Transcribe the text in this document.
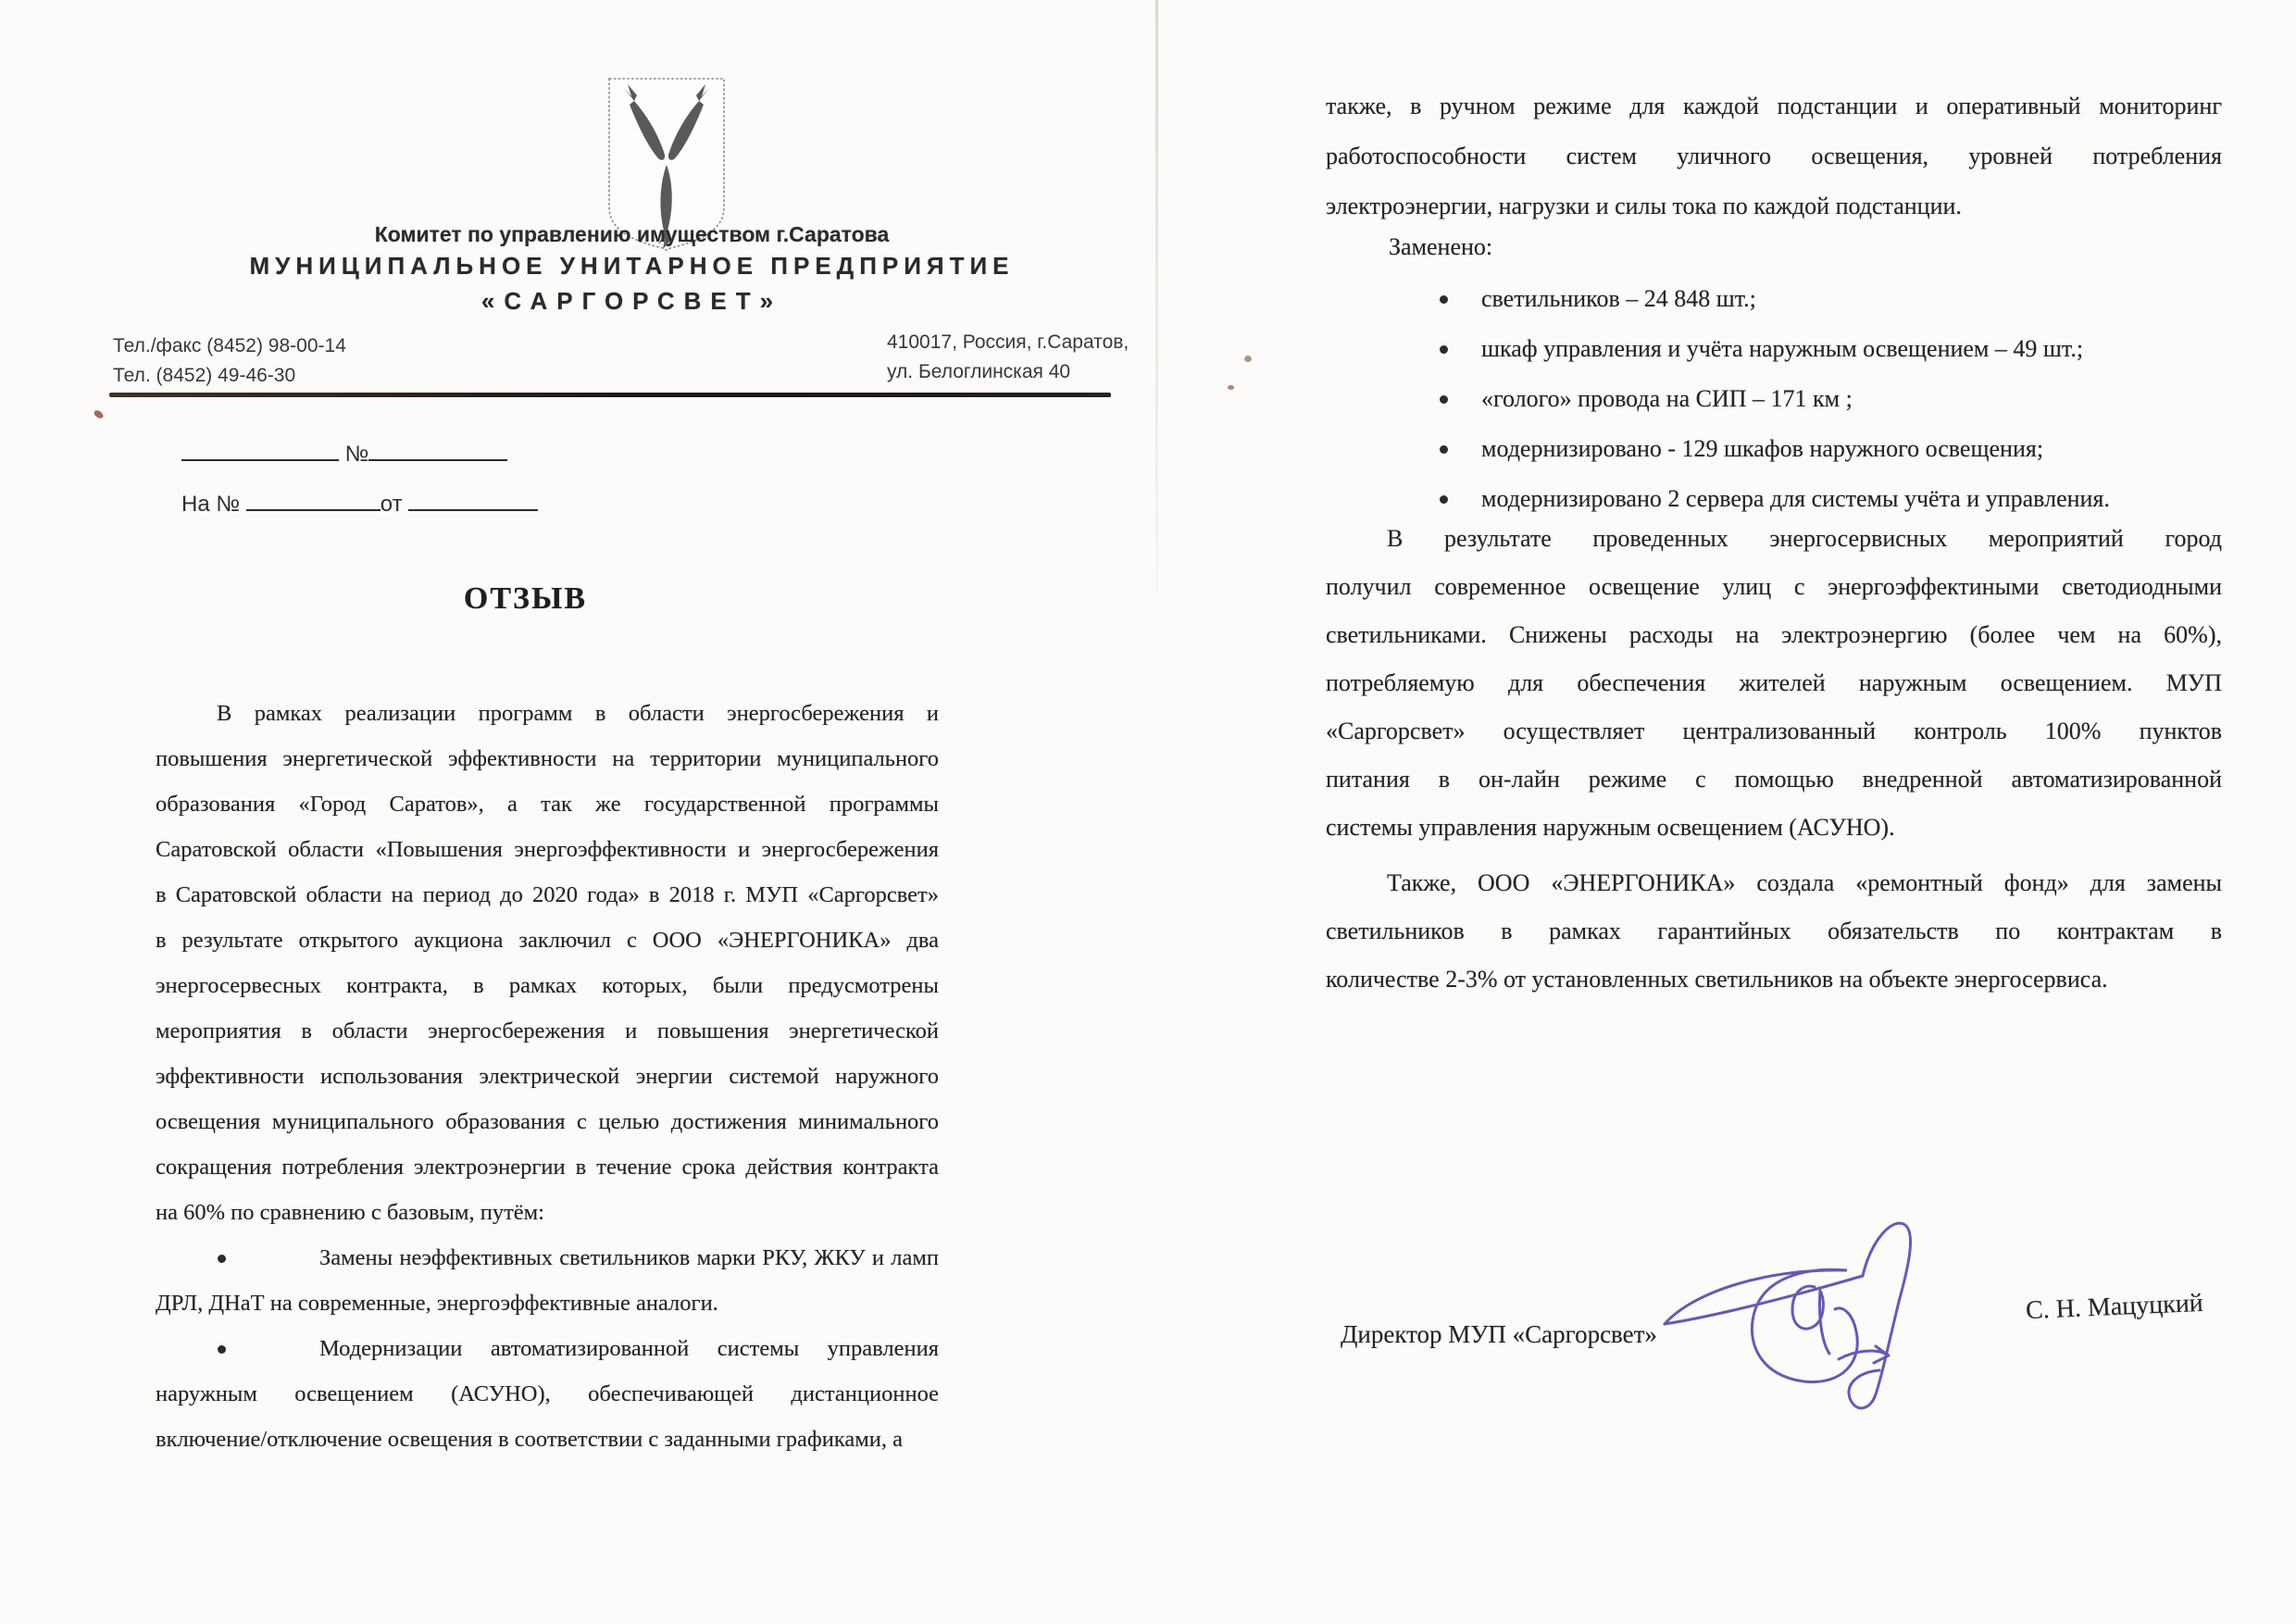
Комитет по управлению имуществом г.Саратова
МУНИЦИПАЛЬНОЕ УНИТАРНОЕ ПРЕДПРИЯТИЕ
«САРГОРСВЕТ»
Тел./факс (8452) 98-00-14
Тел. (8452) 49-46-30
410017, Россия, г.Саратов,
ул. Белоглинская 40
№
На №	от
ОТЗЫВ
В рамках реализации программ в области энергосбережения и
повышения энергетической эффективности на территории муниципального
образования «Город Саратов», а так же государственной программы
Саратовской области «Повышения энергоэффективности и энергосбережения
в Саратовской области на период до 2020 года» в 2018 г. МУП «Саргорсвет»
в результате открытого аукциона заключил с ООО «ЭНЕРГОНИКА» два
энергосервесных контракта, в рамках которых, были предусмотрены
мероприятия в области энергосбережения и повышения энергетической
эффективности использования электрической энергии системой наружного
освещения муниципального образования с целью достижения минимального
сокращения потребления электроэнергии в течение срока действия контракта
на 60% по сравнению с базовым, путём:
Замены неэффективных светильников марки РКУ, ЖКУ и ламп
ДРЛ, ДНаТ на современные, энергоэффективные аналоги.
Модернизации автоматизированной системы управления
наружным освещением (АСУНО), обеспечивающей дистанционное
включение/отключение освещения в соответствии с заданными графиками, а
также, в ручном режиме для каждой подстанции и оперативный мониторинг
работоспособности систем уличного освещения, уровней потребления
электроэнергии, нагрузки и силы тока по каждой подстанции.
Заменено:
светильников – 24 848 шт.;
шкаф управления и учёта наружным освещением – 49 шт.;
«голого» провода на СИП – 171 км ;
модернизировано - 129 шкафов наружного освещения;
модернизировано 2 сервера для системы учёта и управления.
В результате проведенных энергосервисных мероприятий город
получил современное освещение улиц с энергоэффектиными светодиодными
светильниками. Снижены расходы на электроэнергию (более чем на 60%),
потребляемую для обеспечения жителей наружным освещением. МУП
«Саргорсвет» осуществляет централизованный контроль 100% пунктов
питания в он-лайн режиме с помощью внедренной автоматизированной
системы управления наружным освещением (АСУНО).
Также, ООО «ЭНЕРГОНИКА» создала «ремонтный фонд» для замены
светильников в рамках гарантийных обязательств по контрактам в
количестве 2-3% от установленных светильников на объекте энергосервиса.
Директор МУП «Саргорсвет»
С. Н. Мацуцкий
